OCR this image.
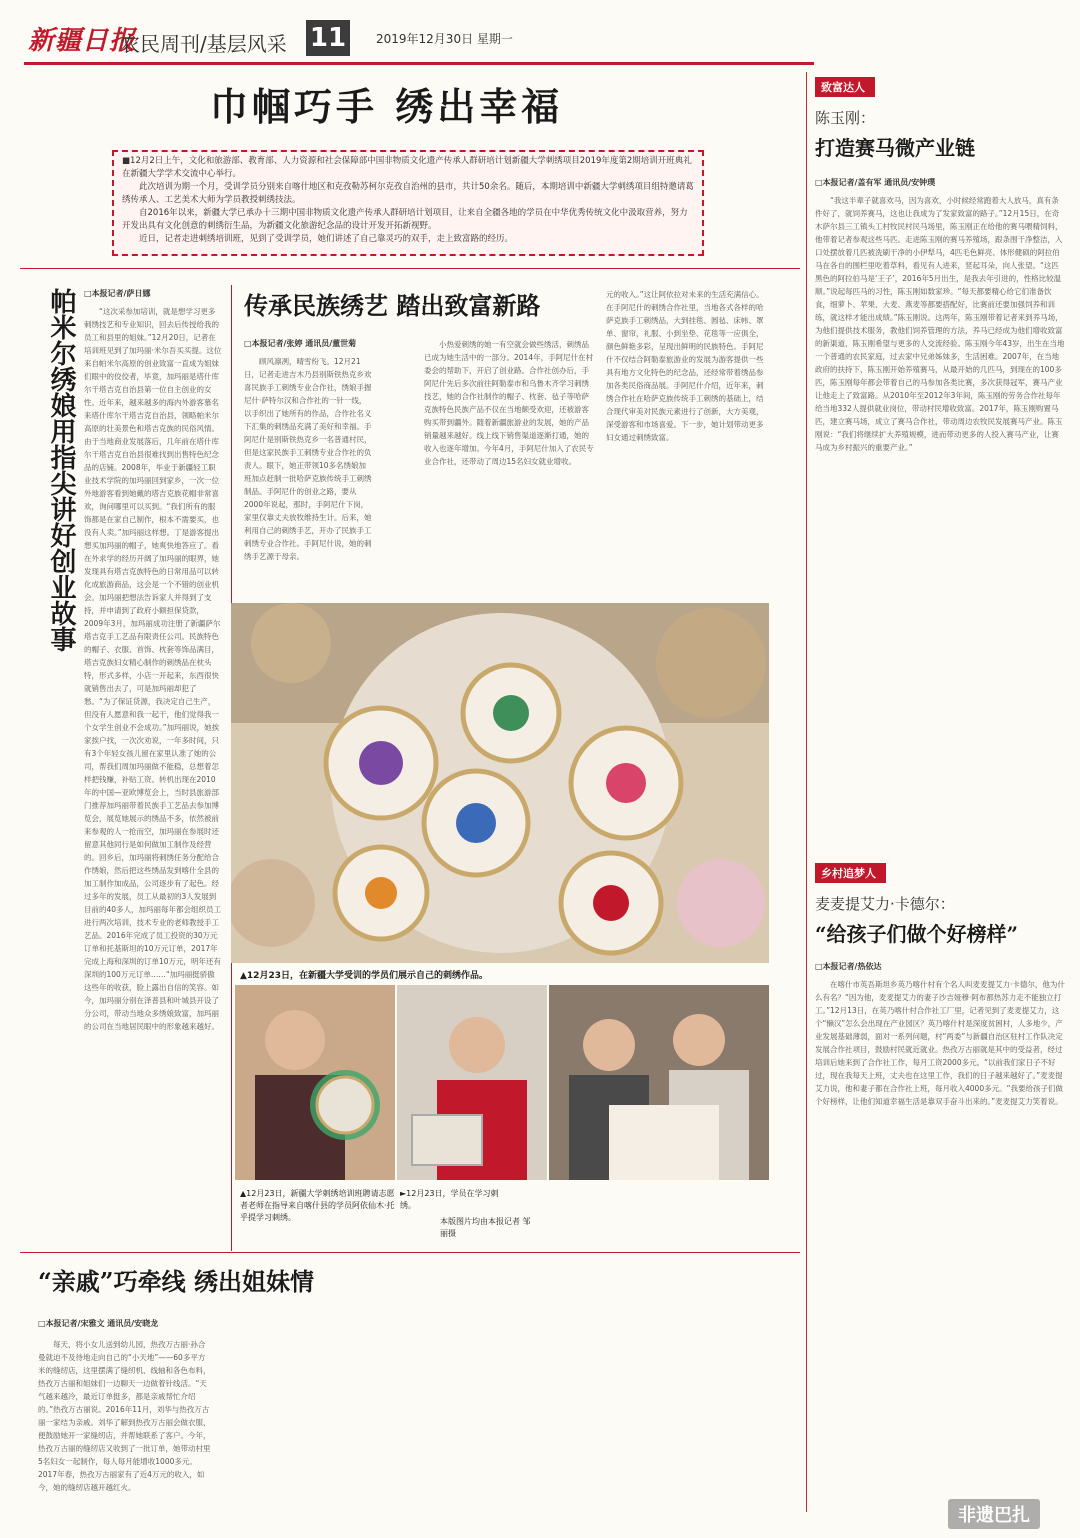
新疆日报
农民周刊/基层风采 11	2019年12月30日 星期一
巾帼巧手 绣出幸福

■12月2日上午，文化和旅游部、教育部、人力资源和社会保障部中国非物质文化遗产传承人群研培计划新疆大学刺绣项目2019年度第2期培训开班典礼在新疆大学学术交流中心举行。

此次培训为期一个月，受训学员分别来自喀什地区和克孜勒苏柯尔克孜自治州的县市，共计50余名。随后，本期培训中新疆大学刺绣项目组特邀请葛绣传承人、工艺美术大师为学员教授刺绣技法。

自2016年以来，新疆大学已承办十三期中国非物质文化遗产传承人群研培计划项目，让来自全疆各地的学员在中华优秀传统文化中汲取营养，努力开发出具有文化创意的刺绣衍生品，为新疆文化旅游纪念品的设计开发开拓新视野。

近日，记者走进刺绣培训班，见到了受训学员，她们讲述了自己靠灵巧的双手，走上致富路的经历。

帕米尔绣娘用指尖讲好创业故事 □本报记者/萨日娜

“这次采参加培训，就是想学习更多刺绣技艺和专业知识，回去后传授给我的员工和县里的姐妹。”12月20日，记者在培训班见到了加玛丽·米尔吾买买提。这位来自帕米尔高原的创业致富一直成为姐妹们眼中的佼佼者，毕竟，加玛丽是塔什库尔干塔吉克自治县第一位自主创业的女性。近年来，越来越多的海内外游客慕名来塔什库尔干塔吉克自治县，领略帕米尔高原的壮美景色和塔吉克族的民俗风情。由于当地商业发展落后，几年前在塔什库尔干塔吉克自治县很难找到出售特色纪念品的店铺。2008年，毕业于新疆轻工职业技术学院的加玛丽回到家乡，一次一位外地游客看到她戴的塔吉克族花帽非常喜欢，询问哪里可以买到。“我们所有的服饰都是在家自己制作，根本不需要买，也没有人卖。”加玛丽这样想。丁是游客提出想买加玛丽的帽子，她爽快地答应了。看在外求学的经历开阔了加玛丽的眼界，她发现具有塔吉克族特色的日常用品可以转化成旅游商品，这会是一个不错的创业机会。加玛丽把想法告诉家人并得到了支持，并申请到了政府小额担保贷款，2009年3月，加玛丽成功注册了新疆萨尔塔吉克手工艺品有限责任公司。民族特色的帽子、衣服、首饰、枕套等饰品满目，塔吉克族妇女精心制作的刺绣品在枕头特，形式多样，小店一开起来，东西很快就销售出去了，可是加玛丽却犯了愁。“为了保证货源，我决定自己生产，但没有人愿意和我一起干，他们觉得我一个女学生创业不会成功。”加玛丽说，她挨家挨户找，一次次劝说，一年多时间，只有3个年轻女孩儿留在家里认准了她的公司，帮我们周加玛丽做不能稳，总想着怎样把钱赚，补贴工资。转机出现在2010年的中国—亚欧博览会上，当时县旅游部门推荐加玛丽带着民族手工艺品去参加博览会，展览她展示的绣品不多，依然被前来参观的人一抢而空，加玛丽在参展时还留意其他同行是如何做加工制作及经营的。回乡后，加玛丽将刺绣任务分配给合作绣娘，然后把这些绣品发到喀什全县的加工制作加成品，公司逐步有了起色。经过多年的发展，员工从最初的3人发展到目前的40多人，加玛丽每年都会组织员工进行两次培训，技术专业的老师教授手工艺品。2016年完成了员工投资的30万元订单和托基斯坦的10万元订单，2017年完成上海和深圳的订单10万元，明年还有深圳的100万元订单……“加玛丽挺骄傲这些年的收获，脸上露出自信的笑容。如今，加玛丽分别在泽普县和叶城县开设了分公司，带动当地众多绣娘致富，加玛丽的公司在当地居民眼中的形象越来越好。

传承民族绣艺 踏出致富新路
□本报记者/张婷 通讯员/董世菊

顾风凛冽，晴雪纷飞。12月21日，记者走进吉木乃县别斯铁热克乡欢喜民族手工刺绣专业合作社，绣娘手握尼什·萨特尔汉和合作社的一针一线，以手织出了她所有的作品，合作社名义下汇集的刺绣品充满了美好和幸福。手阿尼什是别斯铁热克乡一名普通村民，但是这家民族手工刺绣专业合作社的负责人。眼下，她正带领10多名绣娘加班加点赶制一批哈萨克族传统手工刺绣制品。手阿尼什的创业之路，要从2000年说起，那时，手阿尼什下岗，家里仅靠丈夫放牧维持生计。后来，她利用自己的刺绣手艺，开办了民族手工刺绣专业合作社。手阿尼什说，她的刺绣手艺源于母亲。

小热爱刺绣的她一有空就会做些绣活，刺绣品已成为她生活中的一部分。2014年，手阿尼什在村委会的帮助下，开启了创业路。合作社创办后，手阿尼什先后多次前往阿勒泰市和乌鲁木齐学习刺绣技艺，她的合作社制作的帽子、枕套、毡子等哈萨克族特色民族产品不仅在当地颇受欢迎，还被游客购买带到疆外。随着新疆旅游业的发展，她的产品销量越来越好。线上线下销售渠道逐渐打通，她的收入也逐年增加。今年4月，手阿尼什加入了农民专业合作社，还带动了周边15名妇女就业增收。

元的收入。”这让阿依拉对未来的生活充满信心。在手阿尼什的刺绣合作社里，当地各式各样的哈萨克族手工刺绣品，大到挂毯、圆毡、床帏、罩单、窗帘，礼服、小到坐垫、花毯等一应俱全，颜色鲜艳多彩，呈现出鲜明的民族特色。手阿尼什不仅结合阿勒泰旅游业的发展为游客提供一些具有地方文化特色的纪念品，还经常带着绣品参加各类民俗商品展。手阿尼什介绍，近年来，刺绣合作社在哈萨克族传统手工刺绣的基础上，结合现代审美对民族元素进行了创新，大方美观，深受游客和市场喜爱。下一步，她计划带动更多妇女通过刺绣致富。

▲12月23日，在新疆大学受训的学员们展示自己的刺绣作品。
▲12月23日，新疆大学刺绣培训班聘请志愿者老师在指导来自喀什县的学员阿依仙木·托乎提学习刺绣。
►12月23日，学员在学习刺绣。
本版图片均由本报记者 邹 丽摄
“亲戚”巧牵线 绣出姐妹情
□本报记者/宋雅文 通讯员/安晓龙

每天，将小女儿送到幼儿园，热孜万古丽·孙合曼就迫不及待地走向自己的“小天地”——60多平方米的缝纫店，这里摆满了缝纫机、线轴和各色布料，热孜万古丽和姐妹们一边聊天一边做着针线活。“天气越来越冷，最近订单挺多，都是亲戚帮忙介绍的。”热孜万古丽说。2016年11月，刘华与热孜万古丽一家结为亲戚。刘华了解到热孜万古丽会做衣服，便鼓励她开一家缝纫店，并帮她联系了客户。今年，热孜万古丽的缝纫店又收到了一批订单，她带动村里5名妇女一起制作，每人每月能增收1000多元。2017年春，热孜万古丽家有了近4万元的收入，如今，她的缝纫店越开越红火。

致富达人
陈玉刚：
打造赛马微产业链
□本报记者/盖有军 通讯员/安钟璞

“我这半辈子就喜欢马，因为喜欢，小时候经常跑着大人放马，真有条件好了，就饲养赛马，这也让我成为了发家致富的路子。”12月15日，在奇木萨尔县三工镇头工村牧民村民马场里，陈玉刚正在给他的赛马喂精饲料，他带着记者参观这些马匹。走进陈玉刚的赛马养殖场，跟条围干净整洁，入口处摆放着几匹被洗刷干净的小伊犁马，4匹毛色鲜亮、体形健硕的阿拉伯马在各自的围栏里吃着草料，看见有人进来，竖起耳朵，向人张望。“这匹黑色的阿拉伯马是‘王子’，2016年5月出生，是我去年引进的，性格比较温顺。”说起每匹马的习性，陈玉刚如数家珍。“每天都要精心给它们准备饮食，细萝卜、苹果、大麦、燕麦等都要搭配好，比赛前还要加强饲养和训练，就这样才能出成绩。”陈玉刚说。这两年，陈玉刚带着记者来到养马场，为他们提供技术服务，教他们饲养管理的方法，养马已经成为他们增收致富的新渠道，陈玉刚希望与更多的人交流经验。陈玉刚今年43岁，出生在当地一个普通的农民家庭，过去家中兄弟姊妹多，生活困难。2007年，在当地政府的扶持下，陈玉刚开始养殖赛马，从最开始的几匹马，到现在的100多匹，陈玉刚每年都会带着自己的马参加各类比赛，多次获得冠军，赛马产业让他走上了致富路。从2010年至2012年3年间，陈玉刚的劳务合作社每年给当地332人提供就业岗位，带动村民增收致富。2017年，陈玉刚购置马匹，建立赛马场，成立了赛马合作社，带动周边农牧民发展赛马产业。陈玉刚说：“我们将继续扩大养殖规模，进而带动更多的人投入赛马产业，让赛马成为乡村振兴的重要产业。”

乡村追梦人
麦麦提艾力·卡德尔：
“给孩子们做个好榜样”
□本报记者/热依达

在喀什市英吾斯坦乡英乃喀什村有个名人叫麦麦提艾力·卡德尔，他为什么有名？“因为他，麦麦提艾力的妻子沙吉娅穆·阿布都热苏力走不能独立打工。”12月13日，在英乃喀什村合作社工厂里，记者见到了麦麦提艾力，这个“懒汉”怎么会出现在产业园区？英乃喀什村是深度贫困村，人多地少，产业发展基础薄弱，面对一系列问题，村“两委”与新疆自治区驻村工作队决定发展合作社项目，鼓励村民就近就业。热孜万古丽就是其中的受益者，经过培训后她来到了合作社工作，每月工资2000多元。“以前我们家日子不好过，现在我每天上班，丈夫也在这里工作，我们的日子越来越好了。”麦麦提艾力说，他和妻子都在合作社上班，每月收入4000多元。“我要给孩子们做个好榜样，让他们知道幸福生活是靠双手奋斗出来的。”麦麦提艾力笑着说。

非遗巴扎
